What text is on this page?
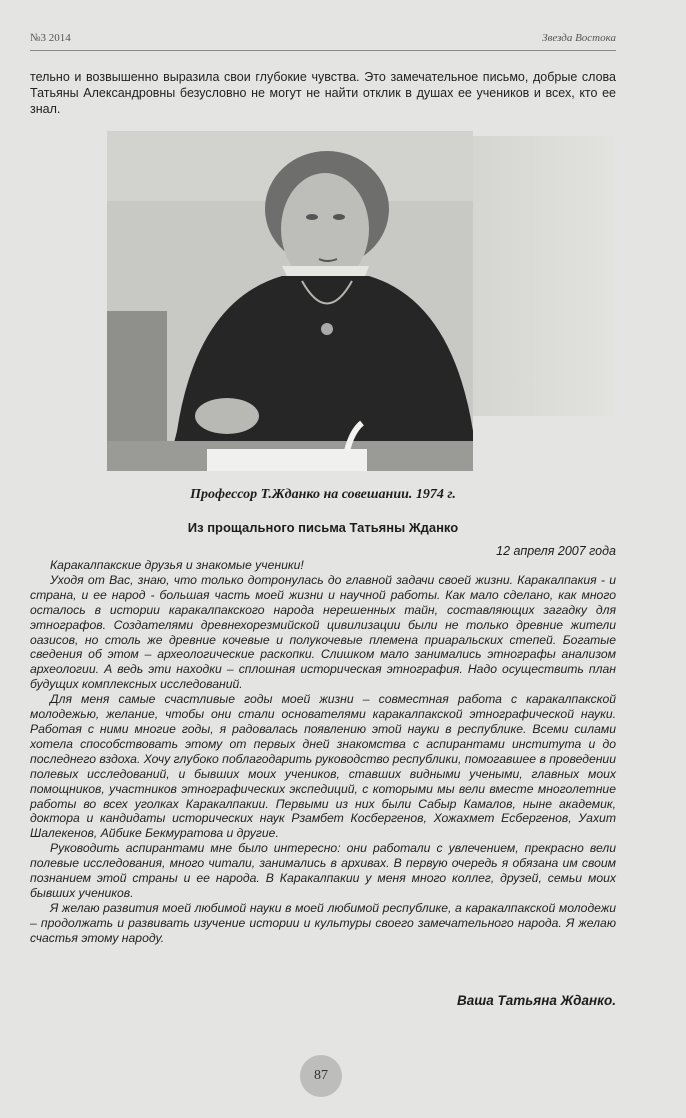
№3 2014	Звезда Востока
тельно и возвышенно выразила свои глубокие чувства. Это замечательное письмо, добрые слова Татьяны Александровны безусловно не могут не найти отклик в душах ее учеников и всех, кто ее знал.
Профессор Т.Жданко на совешании. 1974 г.
Из прощального письма Татьяны Жданко
12 апреля 2007 года

Каракалпакские друзья и знакомые ученики!

Уходя от Вас, знаю, что только дотронулась до главной задачи своей жизни. Каракалпакия - и страна, и ее народ - большая часть моей жизни и научной работы. Как мало сделано, как много осталось в истории каракалпакского народа нерешенных тайн, составляющих загадку для этнографов. Создателями древнехорезмийской цивилизации были не только древние жители оазисов, но столь же древние кочевые и полукочевые племена приаральских степей. Богатые сведения об этом – археологические раскопки. Слишком мало занимались этнографы анализом археологии. А ведь эти находки – сплошная историческая этнография. Надо осуществить план будущих комплексных исследований.

Для меня самые счастливые годы моей жизни – совместная работа с каракалпакской молодежью, желание, чтобы они стали основателями каракалпакской этнографической науки. Работая с ними многие годы, я радовалась появлению этой науки в республике. Всеми силами хотела способствовать этому от первых дней знакомства с аспирантами института и до последнего вздоха. Хочу глубоко поблагодарить руководство республики, помогавшее в проведении полевых исследований, и бывших моих учеников, ставших видными учеными, главных моих помощников, участников этнографических экспедиций, с которыми мы вели вместе многолетние работы во всех уголках Каракалпакии. Первыми из них были Сабыр Камалов, ныне академик, доктора и кандидаты исторических наук Рзамбет Косбергенов, Хожахмет Есбергенов, Уахит Шалекенов, Айбике Бекмуратова и другие.

Руководить аспирантами мне было интересно: они работали с увлечением, прекрасно вели полевые исследования, много читали, занимались в архивах. В первую очередь я обязана им своим познанием этой страны и ее народа. В Каракалпакии у меня много коллег, друзей, семьи моих бывших учеников.

Я желаю развития моей любимой науки в моей любимой республике, а каракалпакской молодежи – продолжать и развивать изучение истории и культуры своего замечательного народа. Я желаю счастья этому народу.

Ваша Татьяна Жданко.
87
